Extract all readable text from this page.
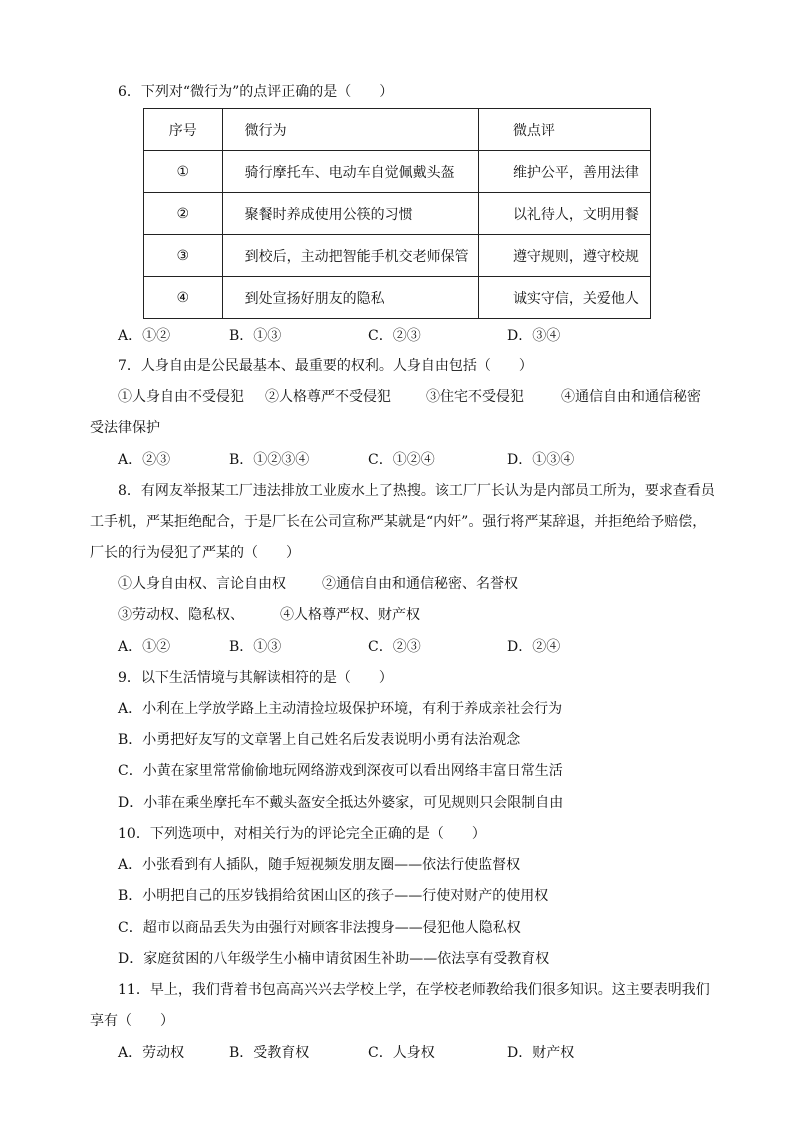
6．下列对“微行为”的点评正确的是（　　）
序号	微行为	微点评
①	骑行摩托车、电动车自觉佩戴头盔	维护公平，善用法律
②	聚餐时养成使用公筷的习惯	以礼待人，文明用餐
③	到校后，主动把智能手机交老师保管	遵守规则，遵守校规
④	到处宣扬好朋友的隐私	诚实守信，关爱他人
A．①②	B．①③	C．②③	D．③④
7．人身自由是公民最基本、最重要的权利。人身自由包括（　　）
①人身自由不受侵犯 ②人格尊严不受侵犯	③住宅不受侵犯	④通信自由和通信秘密
受法律保护
A．②③	B．①②③④	C．①②④	D．①③④
8．有网友举报某工厂违法排放工业废水上了热搜。该工厂厂长认为是内部员工所为，要求查看员
工手机，严某拒绝配合，于是厂长在公司宣称严某就是“内奸”。强行将严某辞退，并拒绝给予赔偿，
厂长的行为侵犯了严某的（　　）
①人身自由权、言论自由权	②通信自由和通信秘密、名誉权
③劳动权、隐私权、	④人格尊严权、财产权
A．①②	B．①③	C．②③	D．②④
9．以下生活情境与其解读相符的是（　　）
A．小利在上学放学路上主动清捡垃圾保护环境，有利于养成亲社会行为
B．小勇把好友写的文章署上自己姓名后发表说明小勇有法治观念
C．小黄在家里常常偷偷地玩网络游戏到深夜可以看出网络丰富日常生活
D．小菲在乘坐摩托车不戴头盔安全抵达外婆家，可见规则只会限制自由
10．下列选项中，对相关行为的评论完全正确的是（　　）
A．小张看到有人插队，随手短视频发朋友圈——依法行使监督权
B．小明把自己的压岁钱捐给贫困山区的孩子——行使对财产的使用权
C．超市以商品丢失为由强行对顾客非法搜身——侵犯他人隐私权
D．家庭贫困的八年级学生小楠申请贫困生补助——依法享有受教育权
11．早上，我们背着书包高高兴兴去学校上学，在学校老师教给我们很多知识。这主要表明我们
享有（　　）
A．劳动权	B．受教育权	C．人身权	D．财产权
